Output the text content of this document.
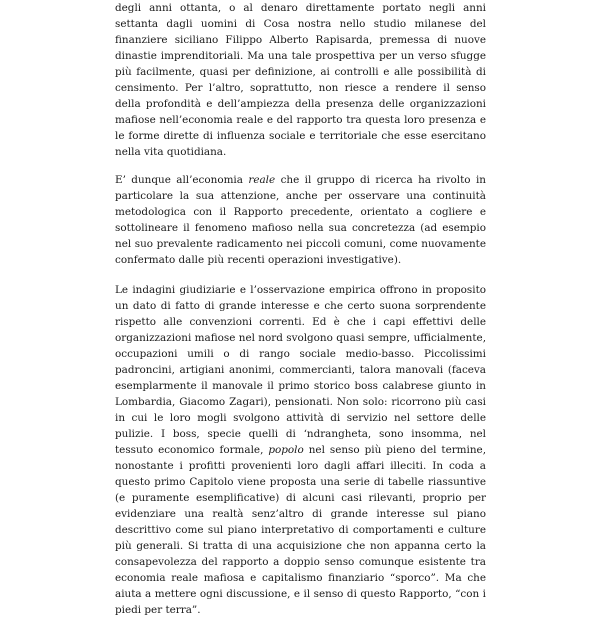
degli anni ottanta, o al denaro direttamente portato negli anni settanta dagli uomini di Cosa nostra nello studio milanese del finanziere siciliano Filippo Alberto Rapisarda, premessa di nuove dinastie imprenditoriali. Ma una tale prospettiva per un verso sfugge più facilmente, quasi per definizione, ai controlli e alle possibilità di censimento. Per l’altro, soprattutto, non riesce a rendere il senso della profondità e dell’ampiezza della presenza delle organizzazioni mafiose nell’economia reale e del rapporto tra questa loro presenza e le forme dirette di influenza sociale e territoriale che esse esercitano nella vita quotidiana.

E’ dunque all’economia reale che il gruppo di ricerca ha rivolto in particolare la sua attenzione, anche per osservare una continuità metodologica con il Rapporto precedente, orientato a cogliere e sottolineare il fenomeno mafioso nella sua concretezza (ad esempio nel suo prevalente radicamento nei piccoli comuni, come nuovamente confermato dalle più recenti operazioni investigative).

Le indagini giudiziarie e l’osservazione empirica offrono in proposito un dato di fatto di grande interesse e che certo suona sorprendente rispetto alle convenzioni correnti. Ed è che i capi effettivi delle organizzazioni mafiose nel nord svolgono quasi sempre, ufficialmente, occupazioni umili o di rango sociale medio-basso. Piccolissimi padroncini, artigiani anonimi, commercianti, talora manovali (faceva esemplarmente il manovale il primo storico boss calabrese giunto in Lombardia, Giacomo Zagari), pensionati. Non solo: ricorrono più casi in cui le loro mogli svolgono attività di servizio nel settore delle pulizie. I boss, specie quelli di ‘ndrangheta, sono insomma, nel tessuto economico formale, popolo nel senso più pieno del termine, nonostante i profitti provenienti loro dagli affari illeciti. In coda a questo primo Capitolo viene proposta una serie di tabelle riassuntive (e puramente esemplificative) di alcuni casi rilevanti, proprio per evidenziare una realtà senz’altro di grande interesse sul piano descrittivo come sul piano interpretativo di comportamenti e culture più generali. Si tratta di una acquisizione che non appanna certo la consapevolezza del rapporto a doppio senso comunque esistente tra economia reale mafiosa e capitalismo finanziario “sporco”. Ma che aiuta a mettere ogni discussione, e il senso di questo Rapporto, “con i piedi per terra”.
